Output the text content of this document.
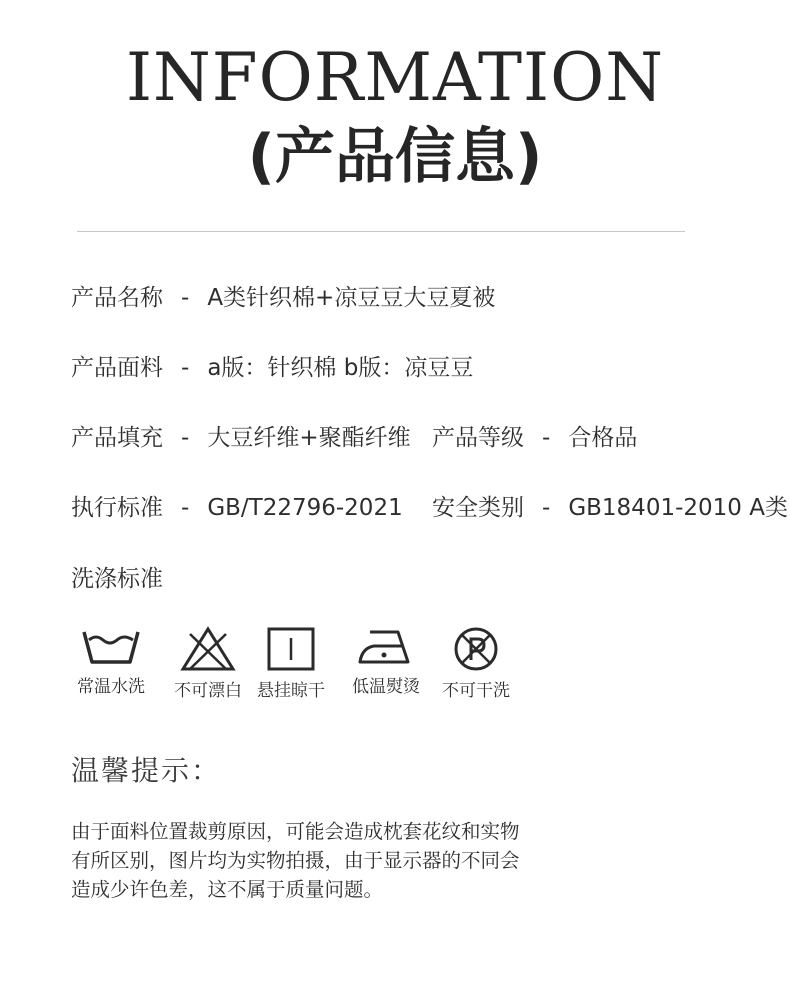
INFORMATION
(产品信息)
产品名称 - A类针织棉+凉豆豆大豆夏被
产品面料 - a版：针织棉 b版：凉豆豆
产品填充 - 大豆纤维+聚酯纤维 产品等级 - 合格品
执行标准 - GB/T22796-2021 安全类别 - GB18401-2010 A类
洗涤标准
常温水洗	不可漂白 悬挂晾干	低温熨烫	不可干洗
温馨提示：
由于面料位置裁剪原因，可能会造成枕套花纹和实物
有所区别，图片均为实物拍摄，由于显示器的不同会
造成少许色差，这不属于质量问题。
